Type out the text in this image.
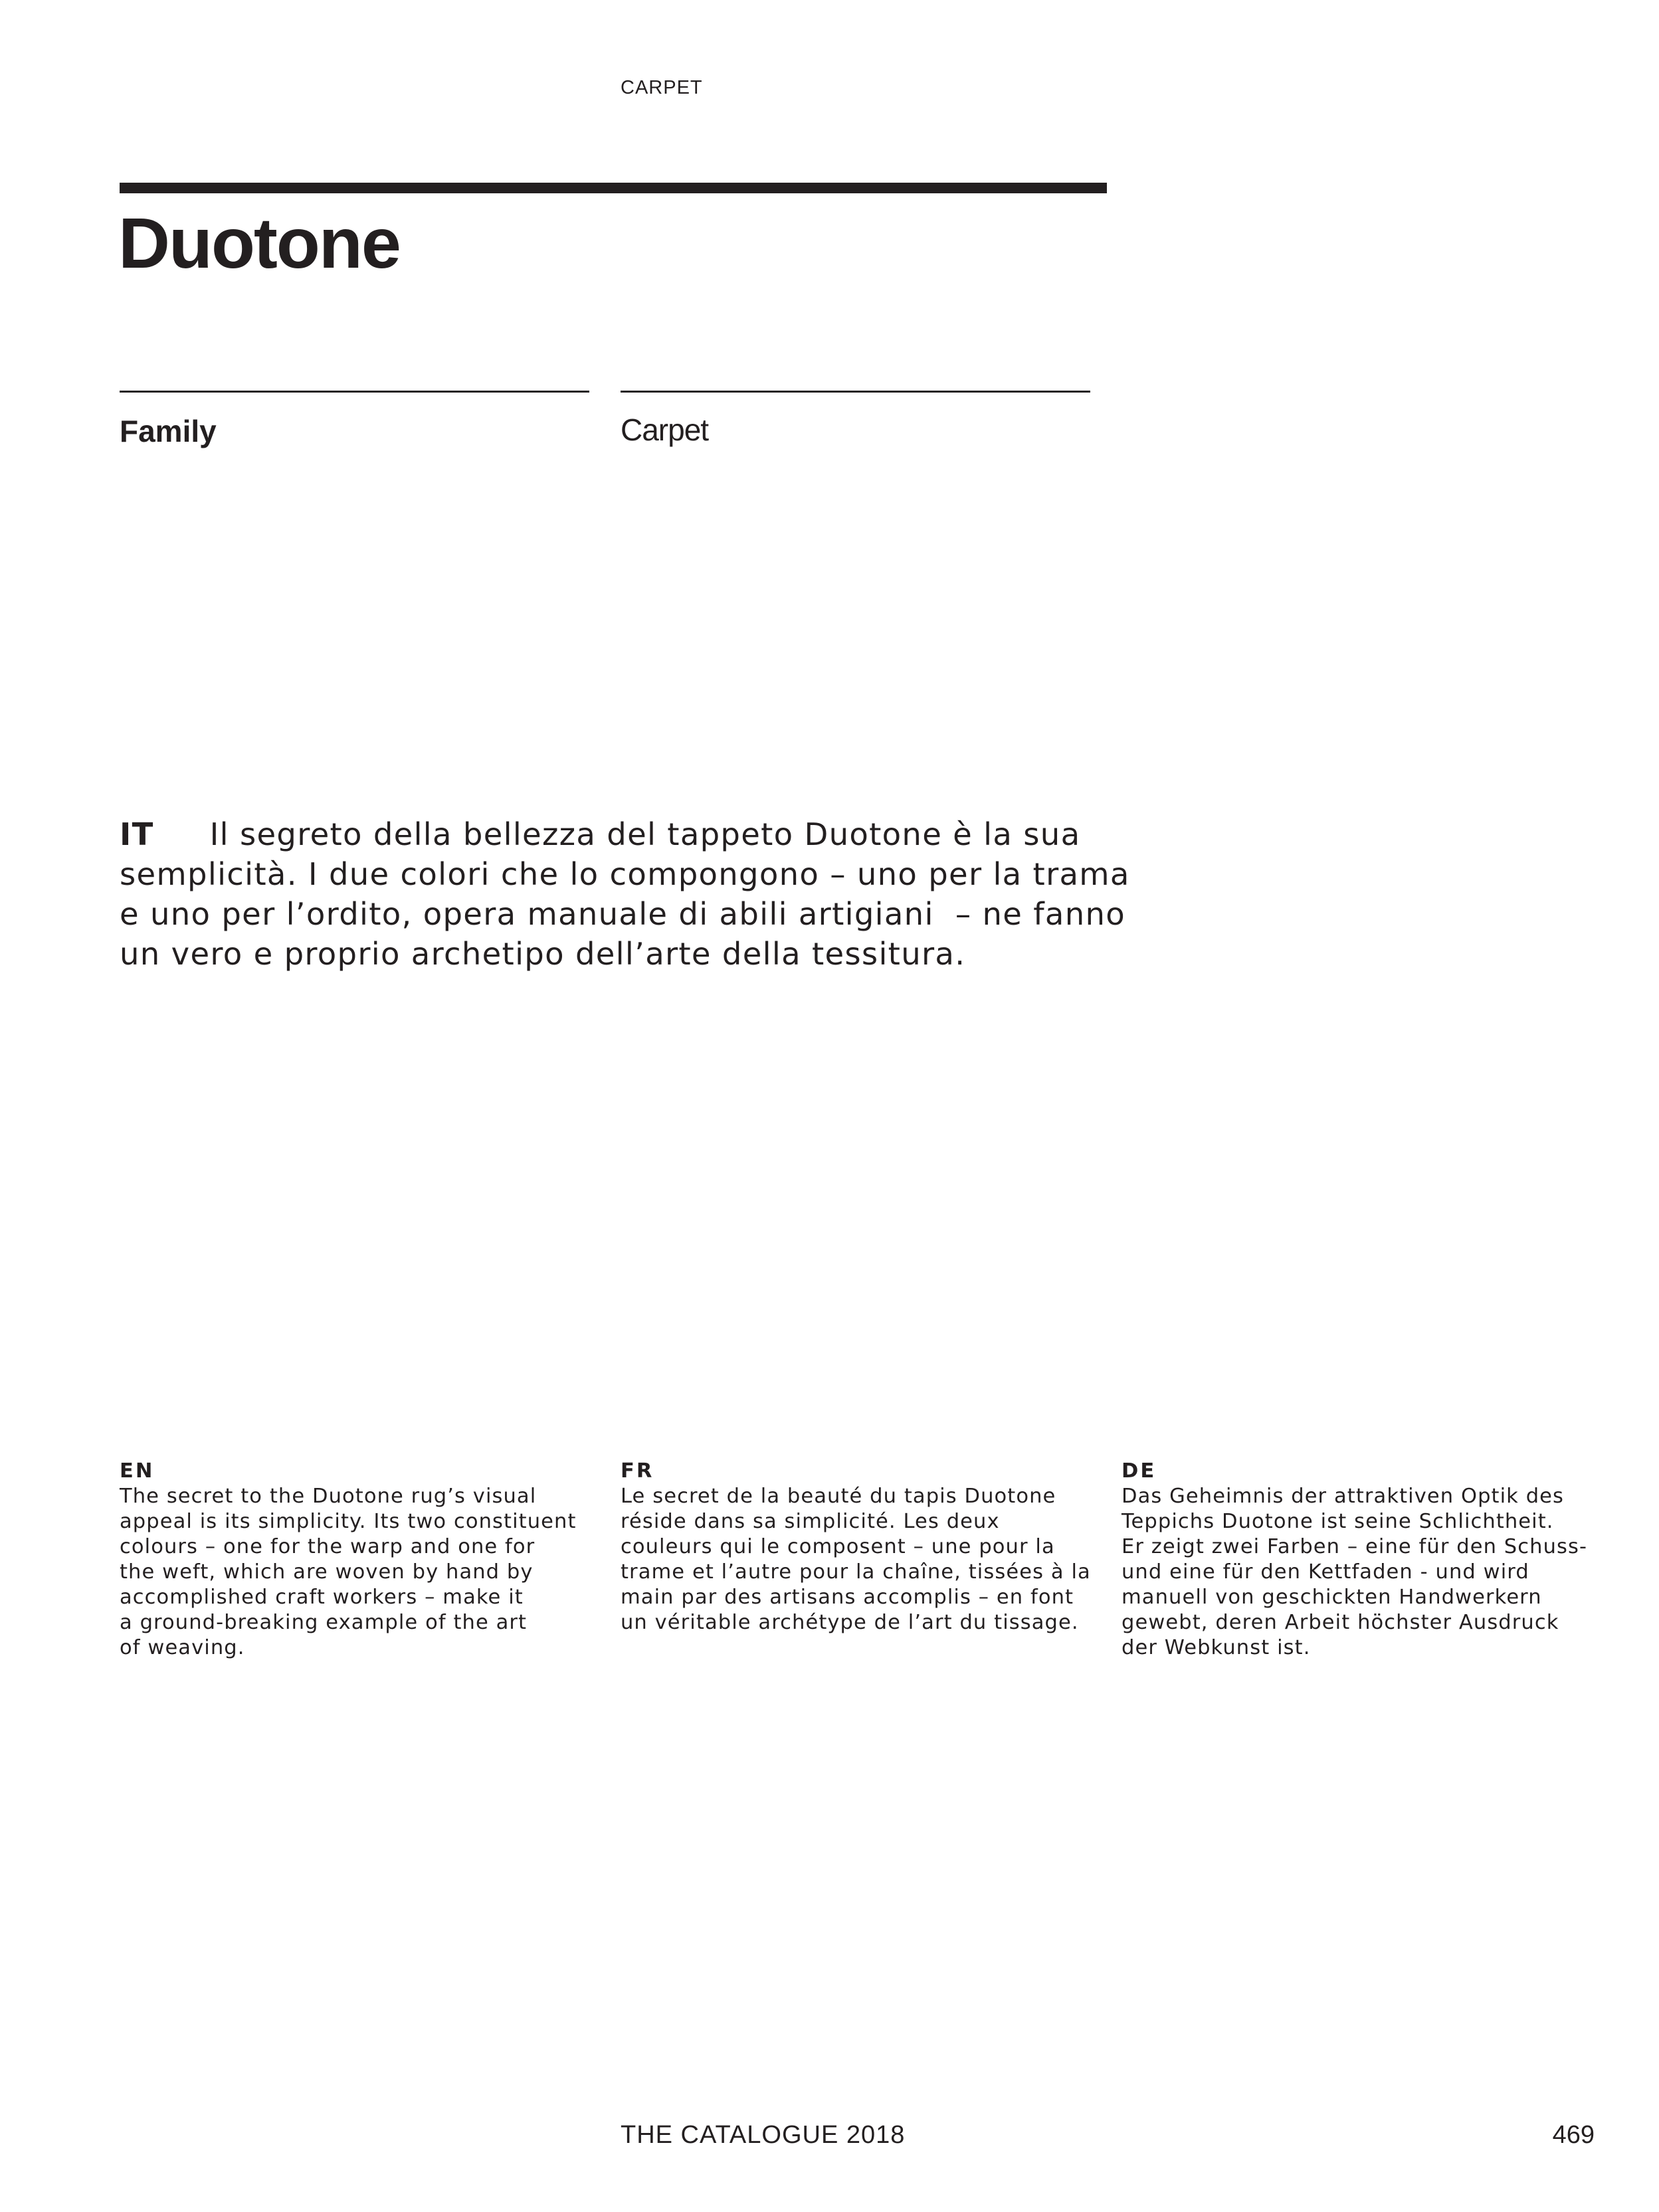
CARPET
Duotone
Family	Carpet
IT Il segreto della bellezza del tappeto Duotone è la sua
semplicità. I due colori che lo compongono – uno per la trama
e uno per l’ordito, opera manuale di abili artigiani  – ne fanno
un vero e proprio archetipo dell’arte della tessitura.
EN
The secret to the Duotone rug’s visual
appeal is its simplicity. Its two constituent
colours – one for the warp and one for
the weft, which are woven by hand by
accomplished craft workers – make it
a ground-breaking example of the art
of weaving.
FR
Le secret de la beauté du tapis Duotone
réside dans sa simplicité. Les deux
couleurs qui le composent – une pour la
trame et l’autre pour la chaîne, tissées à la
main par des artisans accomplis – en font
un véritable archétype de l’art du tissage.
DE
Das Geheimnis der attraktiven Optik des
Teppichs Duotone ist seine Schlichtheit.
Er zeigt zwei Farben – eine für den Schuss-
und eine für den Kettfaden - und wird
manuell von geschickten Handwerkern
gewebt, deren Arbeit höchster Ausdruck
der Webkunst ist.
THE CATALOGUE 2018	469
